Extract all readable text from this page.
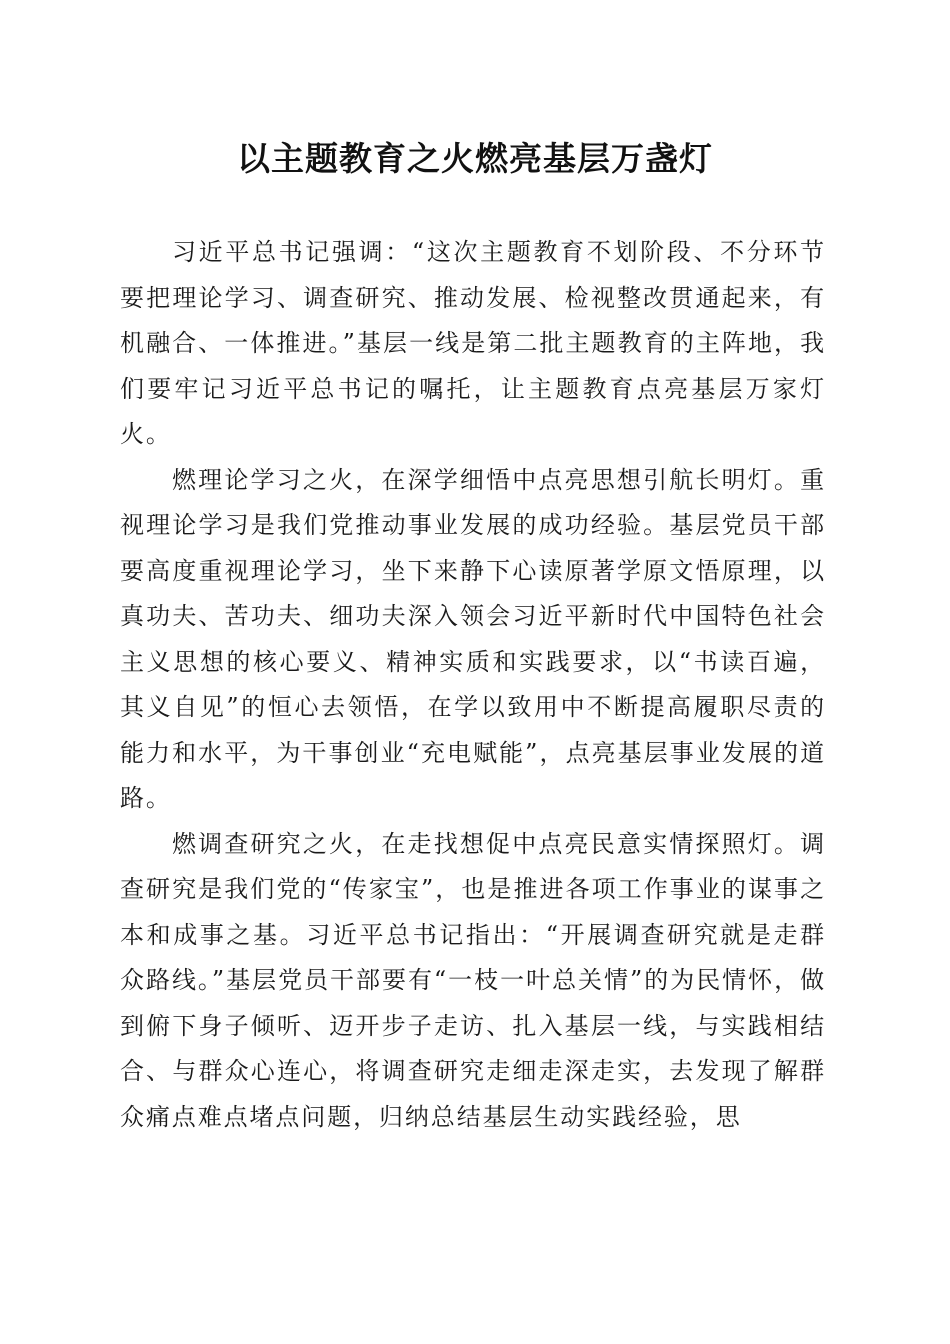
以主题教育之火燃亮基层万盏灯

习近平总书记强调：“这次主题教育不划阶段、不分环节要把理论学习、调查研究、推动发展、检视整改贯通起来，有机融合、一体推进。”基层一线是第二批主题教育的主阵地，我们要牢记习近平总书记的嘱托，让主题教育点亮基层万家灯火。

燃理论学习之火，在深学细悟中点亮思想引航长明灯。重视理论学习是我们党推动事业发展的成功经验。基层党员干部要高度重视理论学习，坐下来静下心读原著学原文悟原理，以真功夫、苦功夫、细功夫深入领会习近平新时代中国特色社会主义思想的核心要义、精神实质和实践要求，以“书读百遍，其义自见”的恒心去领悟，在学以致用中不断提高履职尽责的能力和水平，为干事创业“充电赋能”，点亮基层事业发展的道路。

燃调查研究之火，在走找想促中点亮民意实情探照灯。调查研究是我们党的“传家宝”，也是推进各项工作事业的谋事之本和成事之基。习近平总书记指出：“开展调查研究就是走群众路线。”基层党员干部要有“一枝一叶总关情”的为民情怀，做到俯下身子倾听、迈开步子走访、扎入基层一线，与实践相结合、与群众心连心，将调查研究走细走深走实，去发现了解群众痛点难点堵点问题，归纳总结基层生动实践经验，思
